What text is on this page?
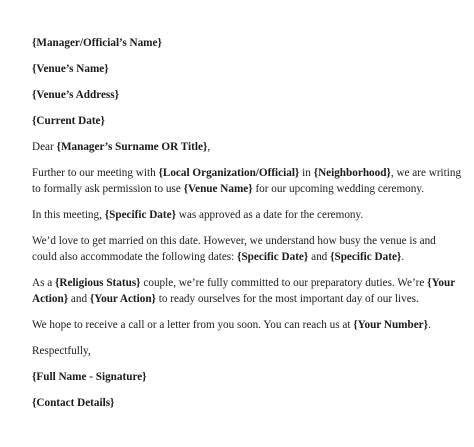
{Manager/Official’s Name}

{Venue’s Name}

{Venue’s Address}

{Current Date}

Dear {Manager’s Surname OR Title},

Further to our meeting with {Local Organization/Official} in {Neighborhood}, we are writing to formally ask permission to use {Venue Name} for our upcoming wedding ceremony.

In this meeting, {Specific Date} was approved as a date for the ceremony.

We’d love to get married on this date. However, we understand how busy the venue is and could also accommodate the following dates: {Specific Date} and {Specific Date}.

As a {Religious Status} couple, we’re fully committed to our preparatory duties. We’re {Your Action} and {Your Action} to ready ourselves for the most important day of our lives.

We hope to receive a call or a letter from you soon. You can reach us at {Your Number}.

Respectfully,

{Full Name - Signature}

{Contact Details}
